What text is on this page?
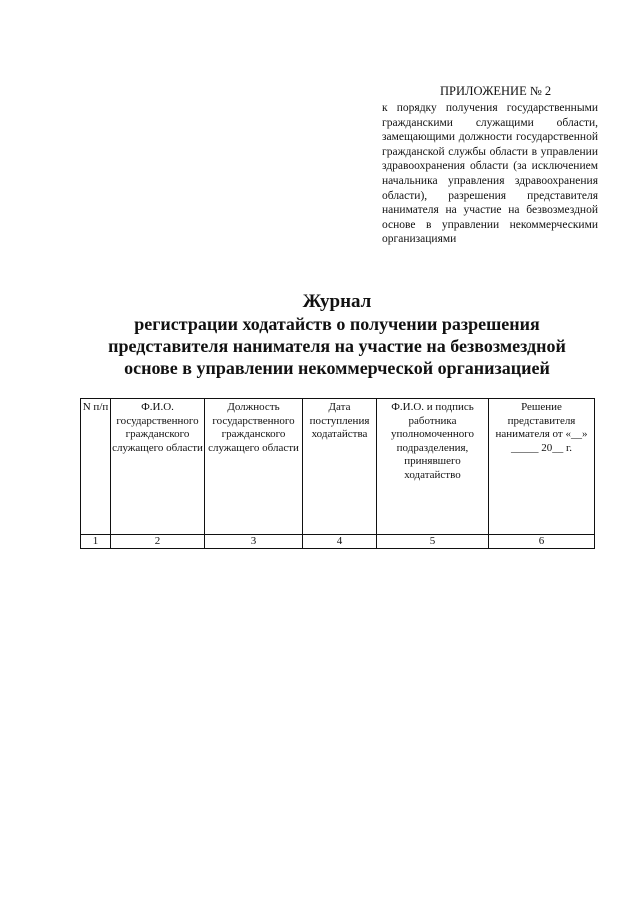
ПРИЛОЖЕНИЕ № 2
к порядку получения государственными гражданскими служащими области, замещающими должности государственной гражданской службы области в управлении здравоохранения области (за исключением начальника управления здравоохранения области), разрешения представителя нанимателя на участие на безвозмездной основе в управлении некоммерческими организациями
Журнал
регистрации ходатайств о получении разрешения
представителя нанимателя на участие на безвозмездной
основе в управлении некоммерческой организацией
N п/п	Ф.И.О. государственного гражданского служащего области	Должность государственного гражданского служащего области	Дата поступления ходатайства	Ф.И.О. и подпись работника уполномоченного подразделения, принявшего ходатайство	Решение представителя нанимателя от «__» _____ 20__ г.
1	2	3	4	5	6
